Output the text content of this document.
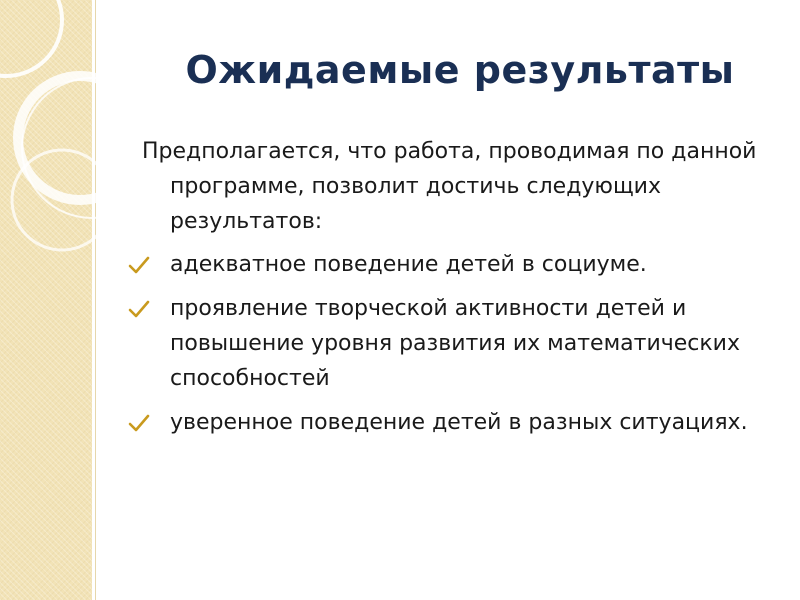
Ожидаемые результаты

Предполагается, что работа, проводимая по данной программе, позволит достичь следующих результатов:

адекватное поведение детей в социуме.
проявление творческой активности детей и повышение уровня развития их математических способностей
уверенное поведение детей в разных ситуациях.
